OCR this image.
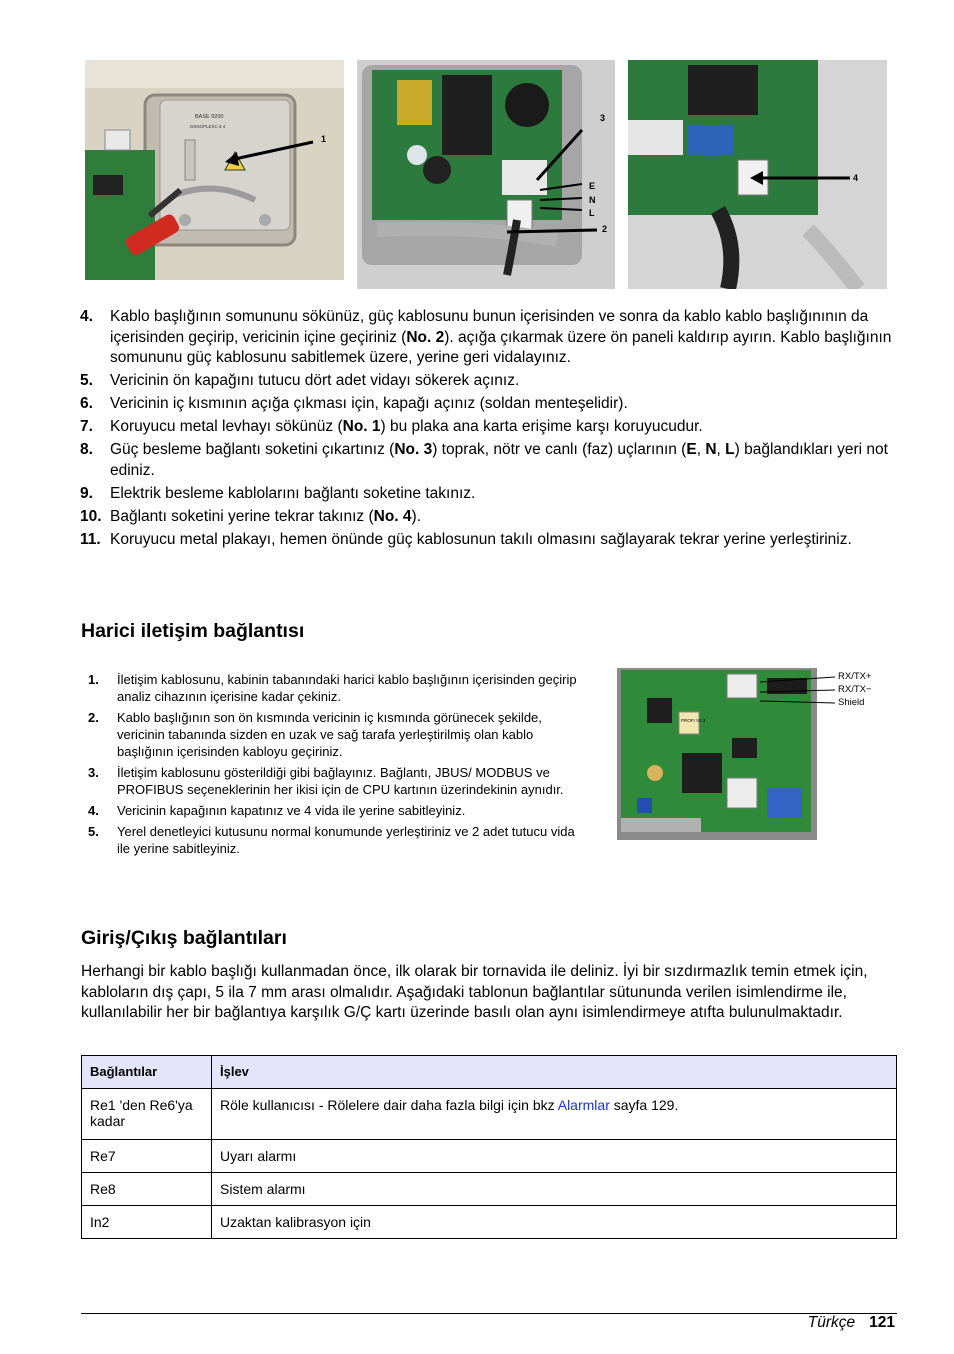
BASE 9200
DSNOPLEXC 8 4
1
3
E
N
L
2
4
4.	Kablo başlığının somununu sökünüz, güç kablosunu bunun içerisinden ve sonra da kablo kablo başlığınının da içerisinden geçirip, vericinin içine geçiriniz (No. 2). açığa çıkarmak üzere ön paneli kaldırıp ayırın. Kablo başlığının somununu güç kablosunu sabitlemek üzere, yerine geri vidalayınız.
5.	Vericinin ön kapağını tutucu dört adet vidayı sökerek açınız.
6.	Vericinin iç kısmının açığa çıkması için, kapağı açınız (soldan menteşelidir).
7.	Koruyucu metal levhayı sökünüz (No. 1) bu plaka ana karta erişime karşı koruyucudur.
8.	Güç besleme bağlantı soketini çıkartınız (No. 3) toprak, nötr ve canlı (faz) uçlarının (E, N, L) bağlandıkları yeri not ediniz.
9.	Elektrik besleme kablolarını bağlantı soketine takınız.
10. Bağlantı soketini yerine tekrar takınız (No. 4).
11. Koruyucu metal plakayı, hemen önünde güç kablosunun takılı olmasını sağlayarak tekrar yerine yerleştiriniz.
Harici iletişim bağlantısı
1.	İletişim kablosunu, kabinin tabanındaki harici kablo başlığının içerisinden geçirip analiz cihazının içerisine kadar çekiniz.
2.	Kablo başlığının son ön kısmında vericinin iç kısmında görünecek şekilde, vericinin tabanında sizden en uzak ve sağ tarafa yerleştirilmiş olan kablo başlığının içerisinden kabloyu geçiriniz.
3.	İletişim kablosunu gösterildiği gibi bağlayınız. Bağlantı, JBUS/ MODBUS ve PROFIBUS seçeneklerinin her ikisi için de CPU kartının üzerindekinin aynıdır.
4.	Vericinin kapağının kapatınız ve 4 vida ile yerine sabitleyiniz.
5.	Yerel denetleyici kutusunu normal konumunde yerleştiriniz ve 2 adet tutucu vida ile yerine sabitleyiniz.
PROFI V2.3
RX/TX+
RX/TX−
Shield
Giriş/Çıkış bağlantıları
Herhangi bir kablo başlığı kullanmadan önce, ilk olarak bir tornavida ile deliniz. İyi bir sızdırmazlık temin etmek için, kabloların dış çapı, 5 ila 7 mm arası olmalıdır. Aşağıdaki tablonun bağlantılar sütununda verilen isimlendirme ile, kullanılabilir her bir bağlantıya karşılık G/Ç kartı üzerinde basılı olan aynı isimlendirmeye atıfta bulunulmaktadır.
Bağlantılar	İşlev
Re1 'den Re6'ya kadar	Röle kullanıcısı - Rölelere dair daha fazla bilgi için bkz Alarmlar sayfa 129.
Re7	Uyarı alarmı
Re8	Sistem alarmı
In2	Uzaktan kalibrasyon için
Türkçe 121
